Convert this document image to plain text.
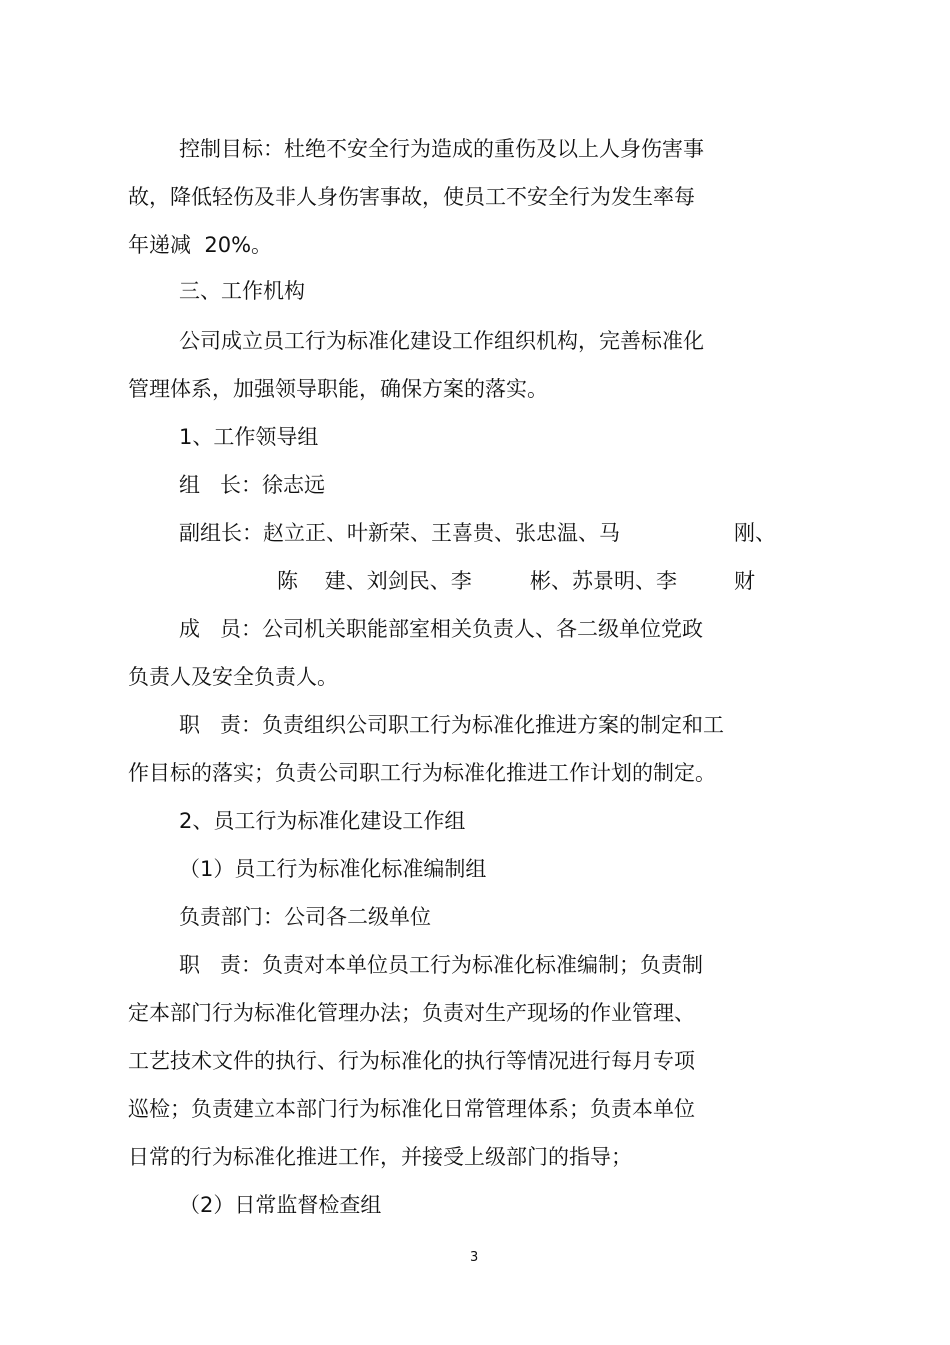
控制目标：杜绝不安全行为造成的重伤及以上人身伤害事
故，降低轻伤及非人身伤害事故，使员工不安全行为发生率每
年递减  20%。
三、工作机构
公司成立员工行为标准化建设工作组织机构，完善标准化
管理体系，加强领导职能，确保方案的落实。
1、工作领导组
组   长：徐志远
副组长：赵立正、叶新荣、王喜贵、张忠温、马	刚、
陈    建、刘剑民、李	彬、苏景明、李	财
成   员：公司机关职能部室相关负责人、各二级单位党政
负责人及安全负责人。
职   责：负责组织公司职工行为标准化推进方案的制定和工
作目标的落实；负责公司职工行为标准化推进工作计划的制定。
2、员工行为标准化建设工作组
（1）员工行为标准化标准编制组
负责部门：公司各二级单位
职   责：负责对本单位员工行为标准化标准编制；负责制
定本部门行为标准化管理办法；负责对生产现场的作业管理、
工艺技术文件的执行、行为标准化的执行等情况进行每月专项
巡检；负责建立本部门行为标准化日常管理体系；负责本单位
日常的行为标准化推进工作，并接受上级部门的指导；
（2）日常监督检查组
3
